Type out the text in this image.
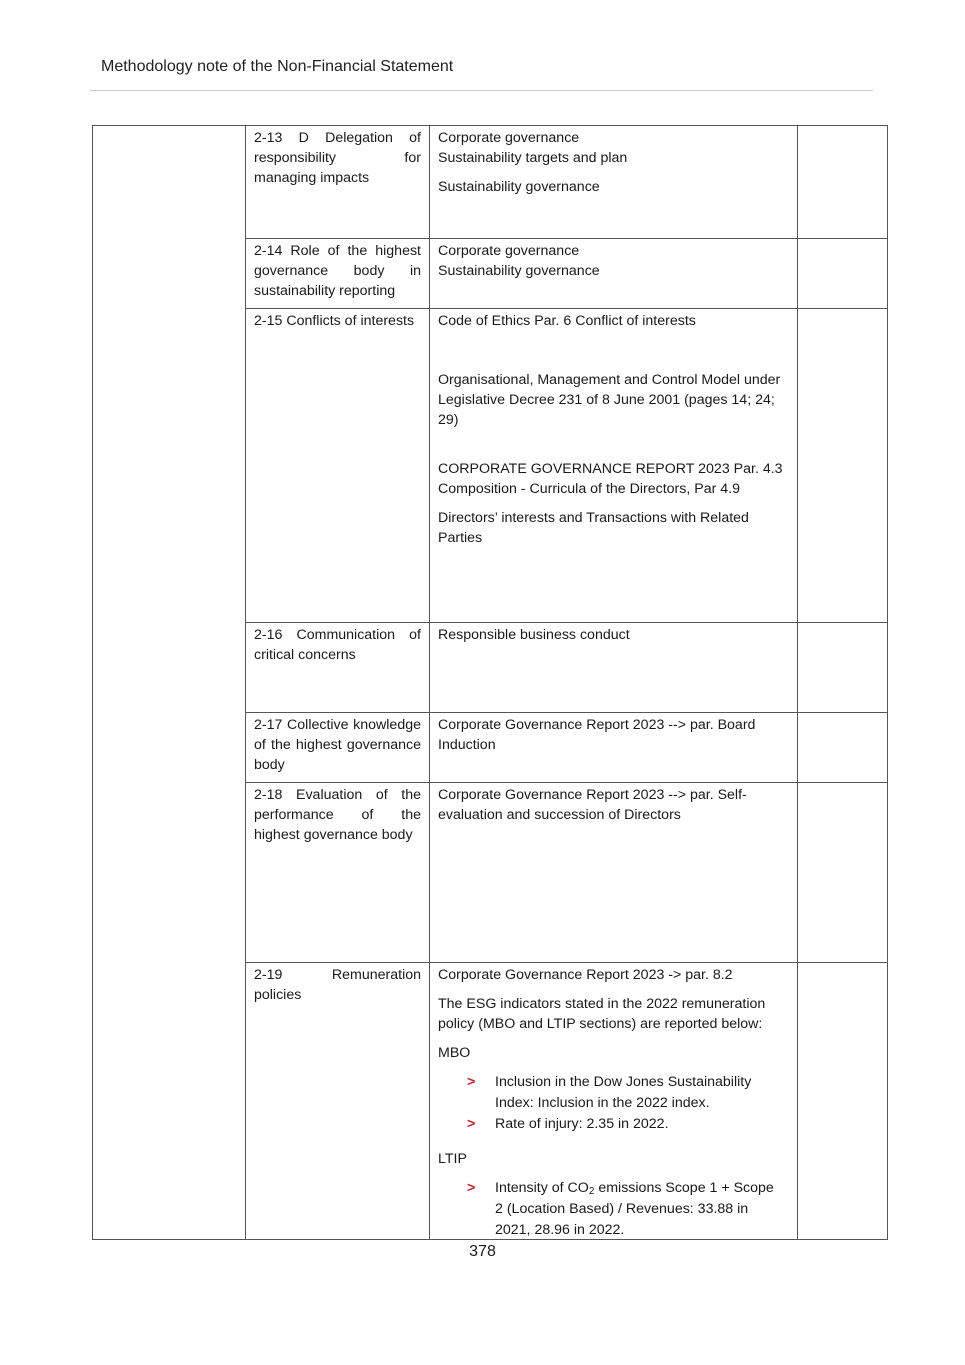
Methodology note of the Non-Financial Statement
2-13 D Delegation of responsibility for managing impacts
Corporate governance
Sustainability targets and plan
Sustainability governance
2-14 Role of the highest governance body in sustainability reporting
Corporate governance
Sustainability governance
2-15 Conflicts of interests	Code of Ethics Par. 6 Conflict of interests
Organisational, Management and Control Model under Legislative Decree 231 of 8 June 2001 (pages 14; 24; 29)
CORPORATE GOVERNANCE REPORT 2023 Par. 4.3 Composition - Curricula of the Directors, Par 4.9
Directors’ interests and Transactions with Related Parties
2-16 Communication of critical concerns
Responsible business conduct
2-17 Collective knowledge of the highest governance body
Corporate Governance Report 2023 --> par. Board Induction
2-18 Evaluation of the performance of the highest governance body
Corporate Governance Report 2023 --> par. Self-evaluation and succession of Directors
2-19 Remuneration policies
Corporate Governance Report 2023 -> par. 8.2
The ESG indicators stated in the 2022 remuneration policy (MBO and LTIP sections) are reported below:
MBO
> Inclusion in the Dow Jones Sustainability Index: Inclusion in the 2022 index.
> Rate of injury: 2.35 in 2022.
LTIP
> Intensity of $CO_2$ emissions Scope 1 + Scope 2 (Location Based) / Revenues: 33.88 in 2021, 28.96 in 2022.
378
